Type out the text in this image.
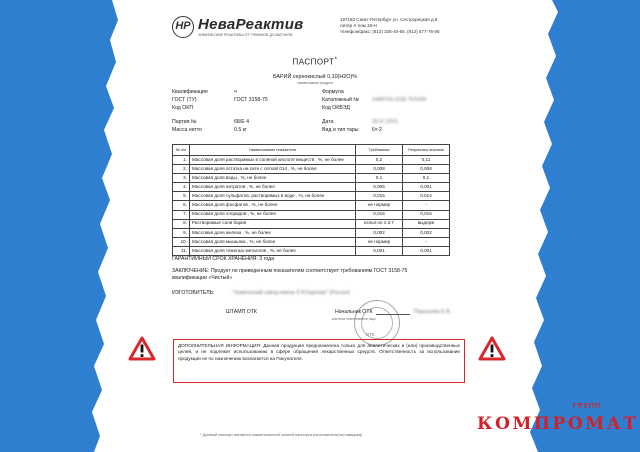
НР НеваРеактив
ХИМИЧЕСКИЕ РЕАКТИВЫ ОТ ГРАММОВ ДО ВАГОНОВ
197183 Санкт-Петербург ул. Сестрорецкая д.8
литер А пом.18-Н
телефон/факс: (812) 325-40-65, (812) 577-76-06
ПАСПОРТ*
БАРИЙ сернокислый 0,10(Н2О)%
наименование продукта
Квалификация	ч	Формула
ГОСТ (ТУ)	ГОСТ 3158-75	Каталожный №	XARFO4-3158.75/1000
Код ОКП	Код ОКВЭД
Партия №	68/Е 4	Дата	20.07.2021
Масса нетто	0.5 кг	Вид и тип тары	6т-2
№ п/п	Наименование показателя	Требования	Результаты анализа
1.	Массовая доля растворимых в соляной кислоте веществ , %, не более	0,2	0,11
2.	Массовая доля остатка на сите с сеткой 014 , %, не более	0,008	0,008
3.	Массовая доля воды , %, не более	0,1	0,1
4.	Массовая доля нитратов , %, не более	0,005	0,001
5.	Массовая доля сульфатов, растворимых в воде , %, не более	0,015	0,014
6.	Массовая доля фосфатов , %, не более	не нормир	-
7.	Массовая доля хлоридов , %, не более	0,015	0,015
8.	Растворимые соли бария	испыт.по п.3.7	выдерж
9.	Массовая доля железа , %, не более	0,002	0,002
10.	Массовая доля мышьяка , %, не более	не нормир	-
11.	Массовая доля тяжелых металлов , %, не более	0,001	0,001
ГАРАНТИЙНЫЙ СРОК ХРАНЕНИЯ: 3 года
ЗАКЛЮЧЕНИЕ: Продукт по приведенным показателям соответствует требованиям ГОСТ 3158-75
квалификации «Чистый»
ИЗГОТОВИТЕЛЬ:	"Химический завод имени Л.Я.Карпова" (Россия)
ШТАМП ОТК	Начальник ОТК
или иное ответственное лицо
Парышева Е.В.
ОТК
ДОПОЛНИТЕЛЬНАЯ ИНФОРМАЦИЯ: Данная продукция предназначена только для аналитических и (или) производственных целей, и не подлежит использованию в сфере обращения лекарственных средств. Ответственность за использование продукции не по назначению возлагается на Покупателя.
* Данный паспорт является машинописной копией паспорта изготовителя(поставщика)
ГРУПП
КОМПРОМАТ
